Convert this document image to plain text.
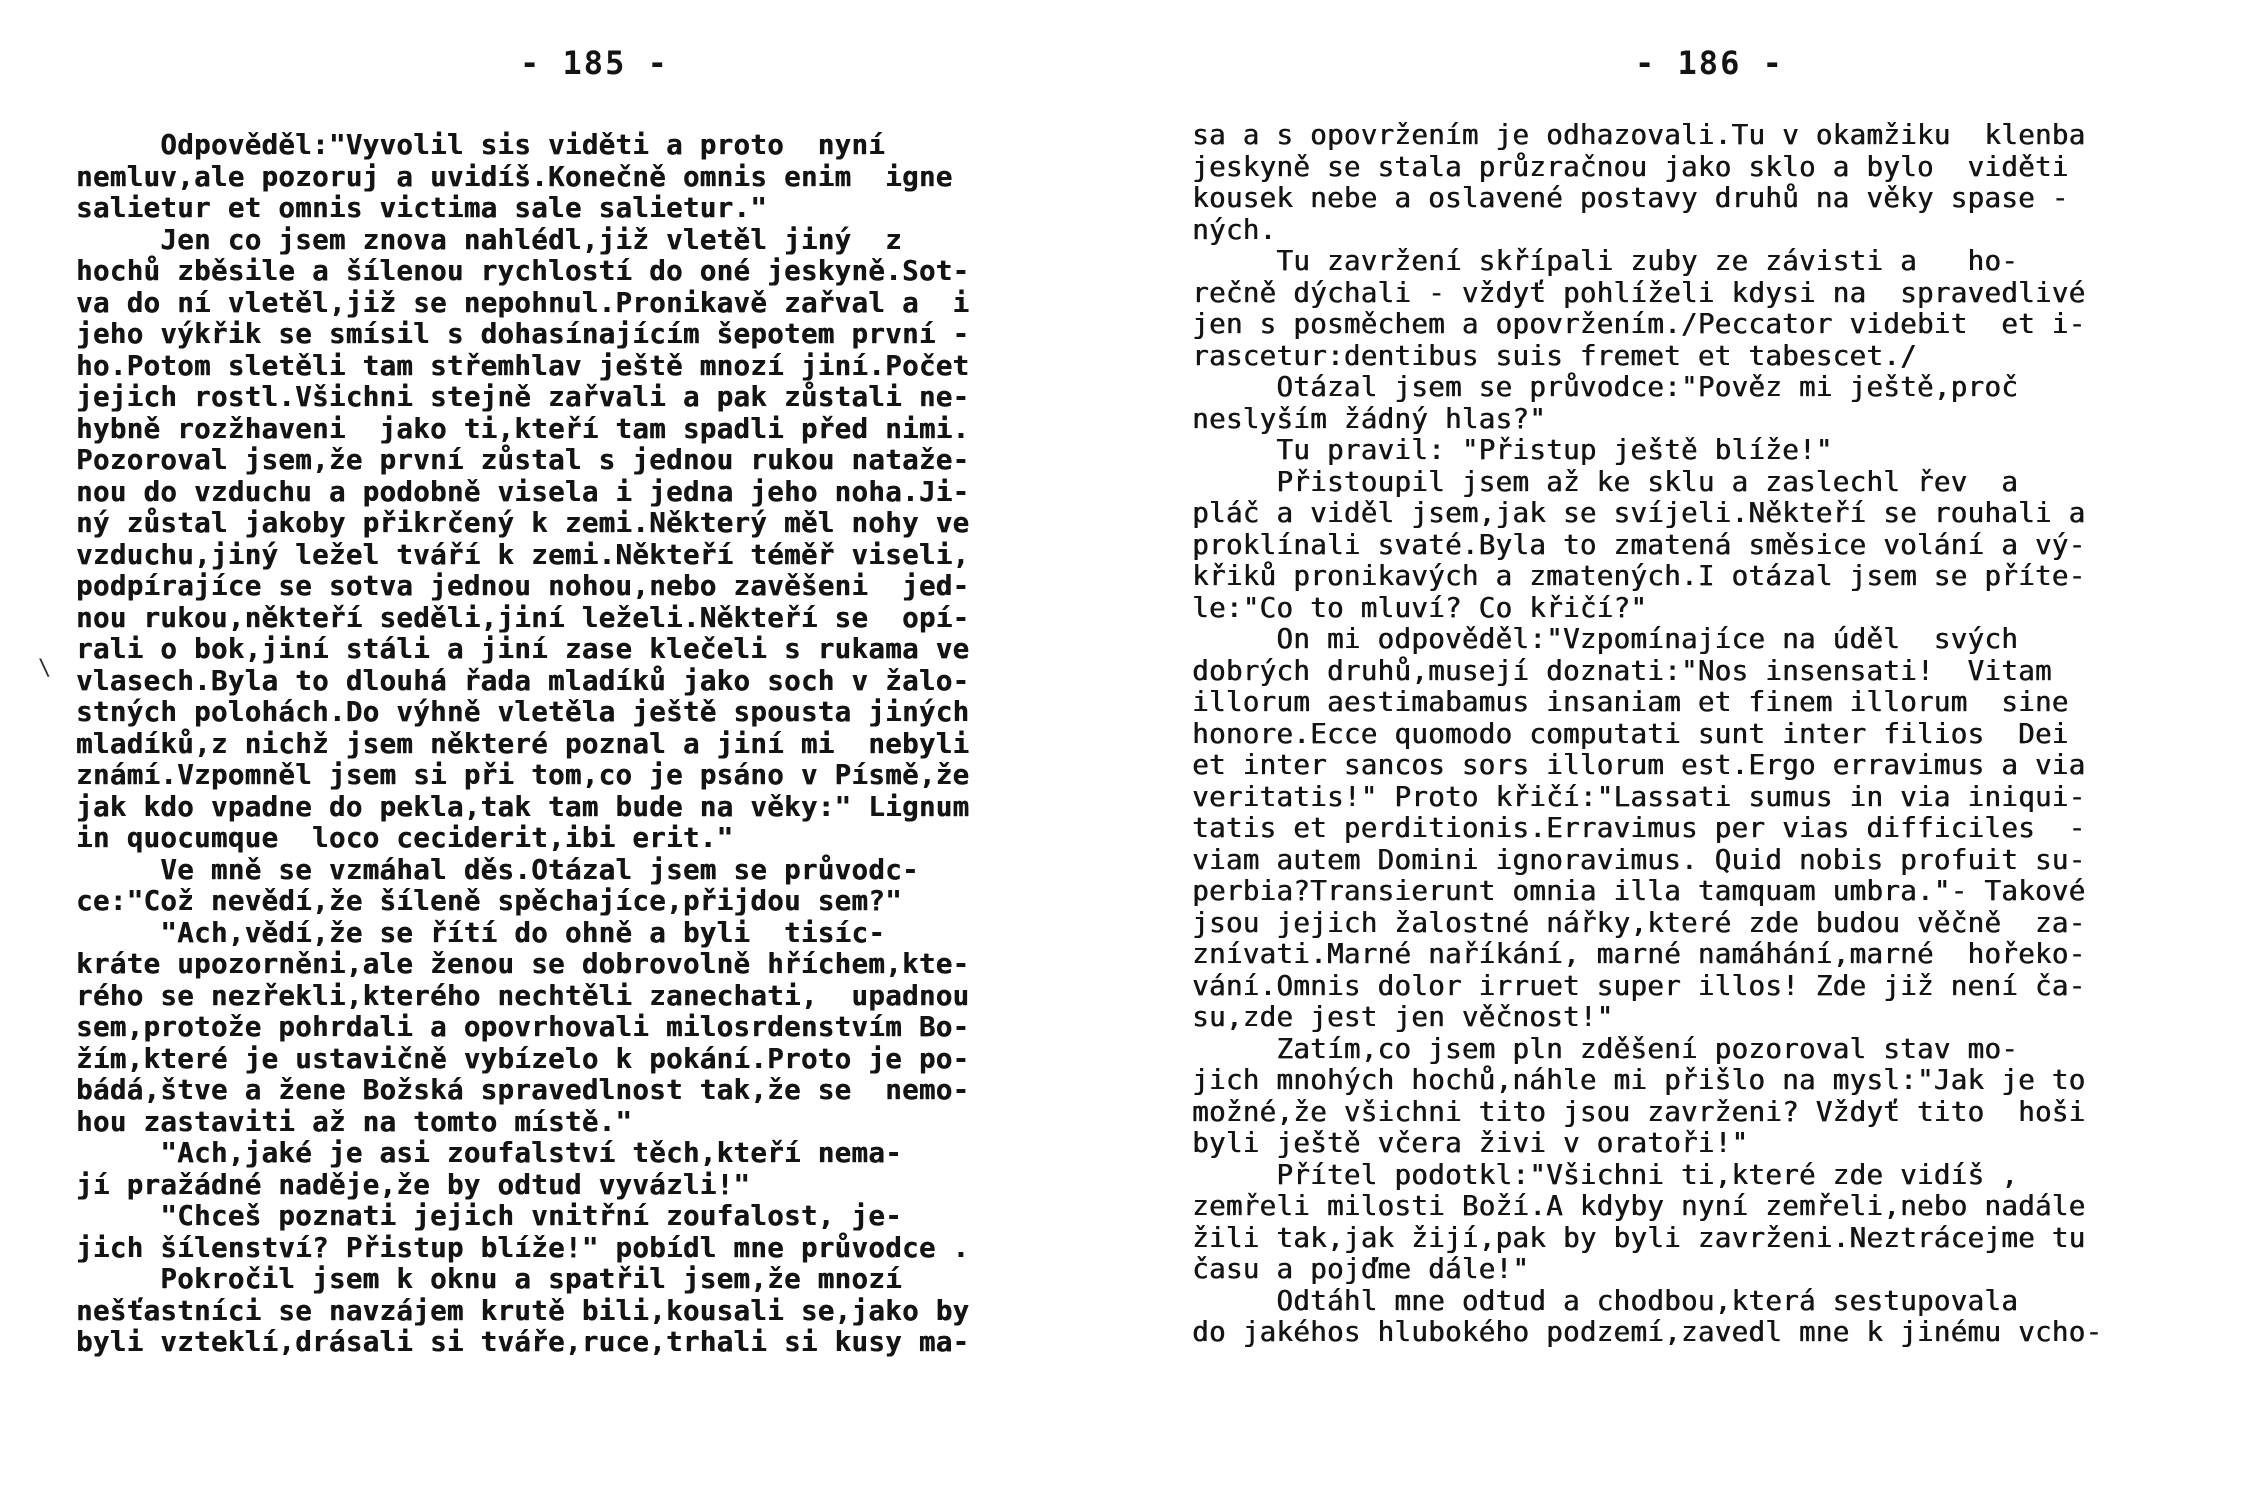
- 185 -
\
Odpověděl:"Vyvolil sis viděti a proto  nyní
nemluv,ale pozoruj a uvidíš.Konečně omnis enim  igne
salietur et omnis victima sale salietur."
Jen co jsem znova nahlédl,již vletěl jiný  z
hochů zběsile a šílenou rychlostí do oné jeskyně.Sot-
va do ní vletěl,již se nepohnul.Pronikavě zařval a  i
jeho výkřik se smísil s dohasínajícím šepotem první -
ho.Potom sletěli tam střemhlav ještě mnozí jiní.Počet
jejich rostl.Všichni stejně zařvali a pak zůstali ne-
hybně rozžhaveni  jako ti,kteří tam spadli před nimi.
Pozoroval jsem,že první zůstal s jednou rukou nataže-
nou do vzduchu a podobně visela i jedna jeho noha.Ji-
ný zůstal jakoby přikrčený k zemi.Některý měl nohy ve
vzduchu,jiný ležel tváří k zemi.Někteří téměř viseli,
podpírajíce se sotva jednou nohou,nebo zavěšeni  jed-
nou rukou,někteří seděli,jiní leželi.Někteří se  opí-
rali o bok,jiní stáli a jiní zase klečeli s rukama ve
vlasech.Byla to dlouhá řada mladíků jako soch v žalo-
stných polohách.Do výhně vletěla ještě spousta jiných
mladíků,z nichž jsem některé poznal a jiní mi  nebyli
známí.Vzpomněl jsem si při tom,co je psáno v Písmě,že
jak kdo vpadne do pekla,tak tam bude na věky:" Lignum
in quocumque  loco ceciderit,ibi erit."
Ve mně se vzmáhal děs.Otázal jsem se průvodc-
ce:"Což nevědí,že šíleně spěchajíce,přijdou sem?"
"Ach,vědí,že se řítí do ohně a byli  tisíc-
kráte upozorněni,ale ženou se dobrovolně hříchem,kte-
rého se nezřekli,kterého nechtěli zanechati,  upadnou
sem,protože pohrdali a opovrhovali milosrdenstvím Bo-
žím,které je ustavičně vybízelo k pokání.Proto je po-
bádá,štve a žene Božská spravedlnost tak,že se  nemo-
hou zastaviti až na tomto místě."
"Ach,jaké je asi zoufalství těch,kteří nema-
jí pražádné naděje,že by odtud vyvázli!"
"Chceš poznati jejich vnitřní zoufalost, je-
jich šílenství? Přistup blíže!" pobídl mne průvodce .
Pokročil jsem k oknu a spatřil jsem,že mnozí
nešťastníci se navzájem krutě bili,kousali se,jako by
byli vzteklí,drásali si tváře,ruce,trhali si kusy ma-
- 186 -
sa a s opovržením je odhazovali.Tu v okamžiku  klenba
jeskyně se stala průzračnou jako sklo a bylo  viděti
kousek nebe a oslavené postavy druhů na věky spase -
ných.
Tu zavržení skřípali zuby ze závisti a   ho-
rečně dýchali - vždyť pohlíželi kdysi na  spravedlivé
jen s posměchem a opovržením./Peccator videbit  et i-
rascetur:dentibus suis fremet et tabescet./
Otázal jsem se průvodce:"Pověz mi ještě,proč
neslyším žádný hlas?"
Tu pravil: "Přistup ještě blíže!"
Přistoupil jsem až ke sklu a zaslechl řev  a
pláč a viděl jsem,jak se svíjeli.Někteří se rouhali a
proklínali svaté.Byla to zmatená směsice volání a vý-
křiků pronikavých a zmatených.I otázal jsem se příte-
le:"Co to mluví? Co křičí?"
On mi odpověděl:"Vzpomínajíce na úděl  svých
dobrých druhů,musejí doznati:"Nos insensati!  Vitam
illorum aestimabamus insaniam et finem illorum  sine
honore.Ecce quomodo computati sunt inter filios  Dei
et inter sancos sors illorum est.Ergo erravimus a via
veritatis!" Proto křičí:"Lassati sumus in via iniqui-
tatis et perditionis.Erravimus per vias difficiles  -
viam autem Domini ignoravimus. Quid nobis profuit su-
perbia?Transierunt omnia illa tamquam umbra."- Takové
jsou jejich žalostné nářky,které zde budou věčně  za-
znívati.Marné naříkání, marné namáhání,marné  hořeko-
vání.Omnis dolor irruet super illos! Zde již není ča-
su,zde jest jen věčnost!"
Zatím,co jsem pln zděšení pozoroval stav mo-
jich mnohých hochů,náhle mi přišlo na mysl:"Jak je to
možné,že všichni tito jsou zavrženi? Vždyť tito  hoši
byli ještě včera živi v oratoři!"
Přítel podotkl:"Všichni ti,které zde vidíš ,
zemřeli milosti Boží.A kdyby nyní zemřeli,nebo nadále
žili tak,jak žijí,pak by byli zavrženi.Neztrácejme tu
času a pojďme dále!"
Odtáhl mne odtud a chodbou,která sestupovala
do jakéhos hlubokého podzemí,zavedl mne k jinému vcho-
